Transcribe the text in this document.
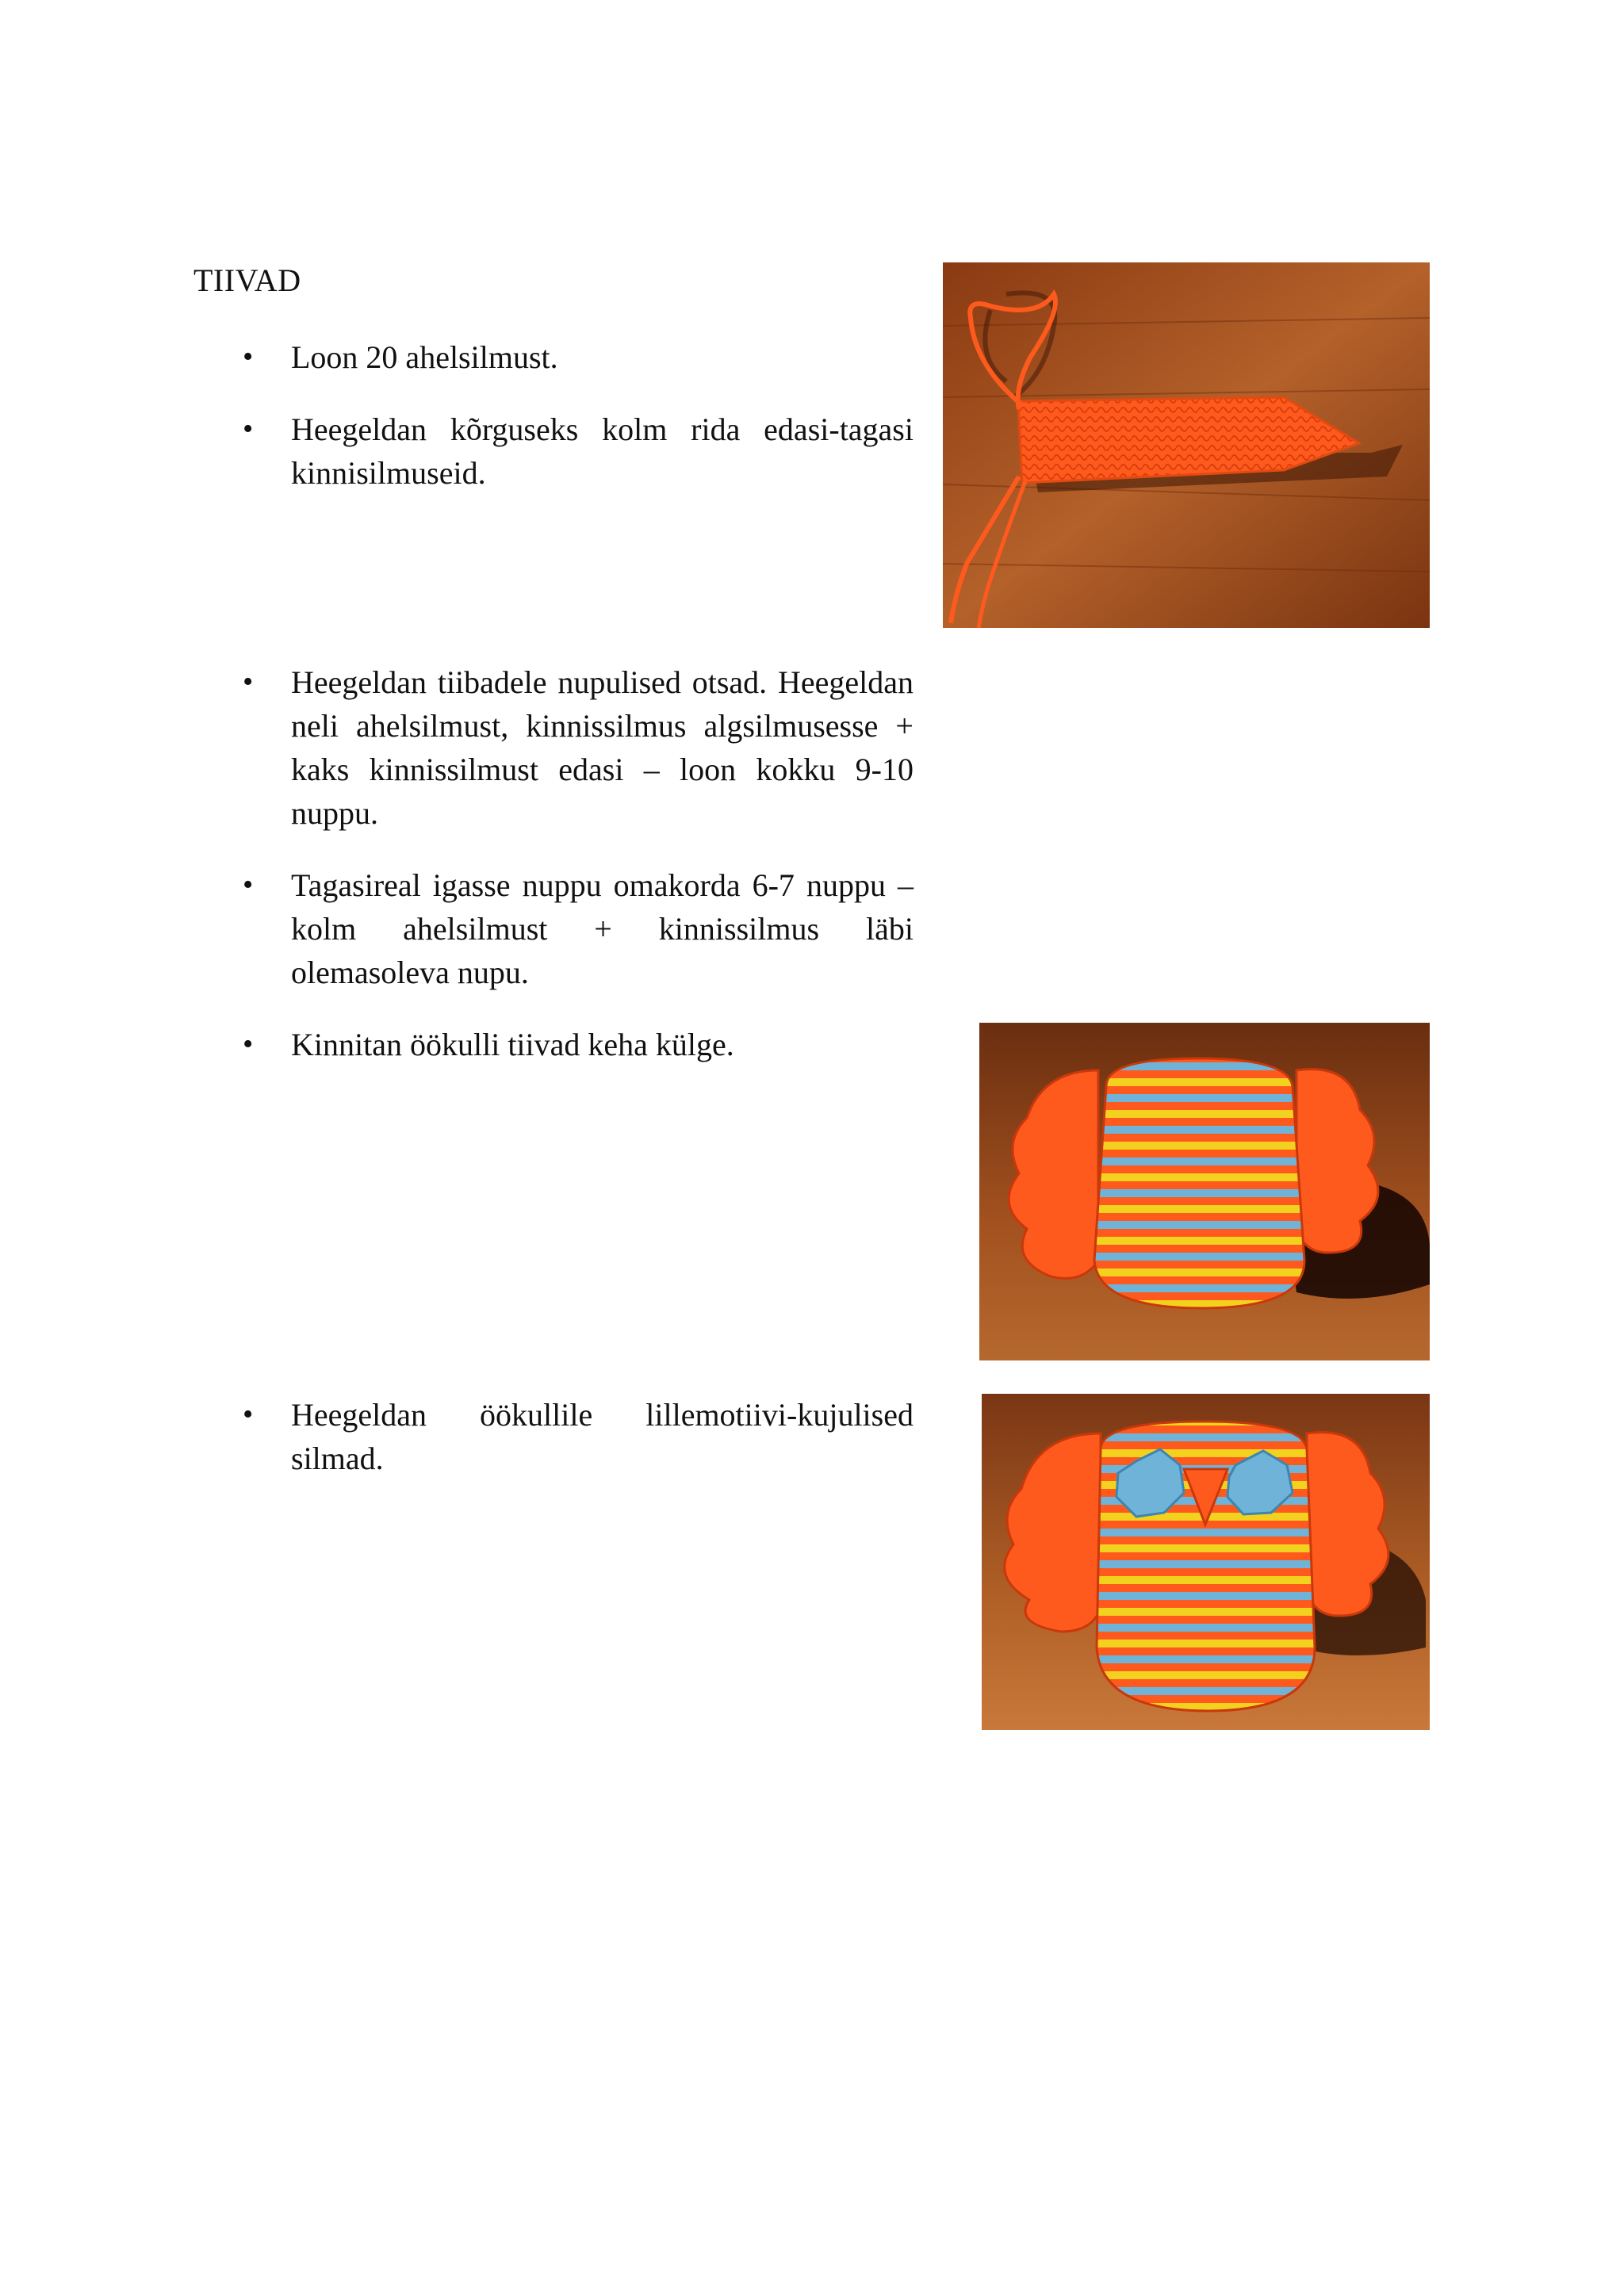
TIIVAD
• Loon 20 ahelsilmust.
• Heegeldan kõrguseks kolm rida edasi-tagasi kinnisilmuseid.
• Heegeldan tiibadele nupulised otsad. Heegeldan neli ahelsilmust, kinnissilmus algsilmusesse + kaks kinnissilmust edasi – loon kokku 9-10 nuppu.
• Tagasireal igasse nuppu omakorda 6-7 nuppu – kolm ahelsilmust + kinnissilmus läbi olemasoleva nupu.
• Kinnitan öökulli tiivad keha külge.
• Heegeldan öökullile lillemotiivi-kujulised silmad.
